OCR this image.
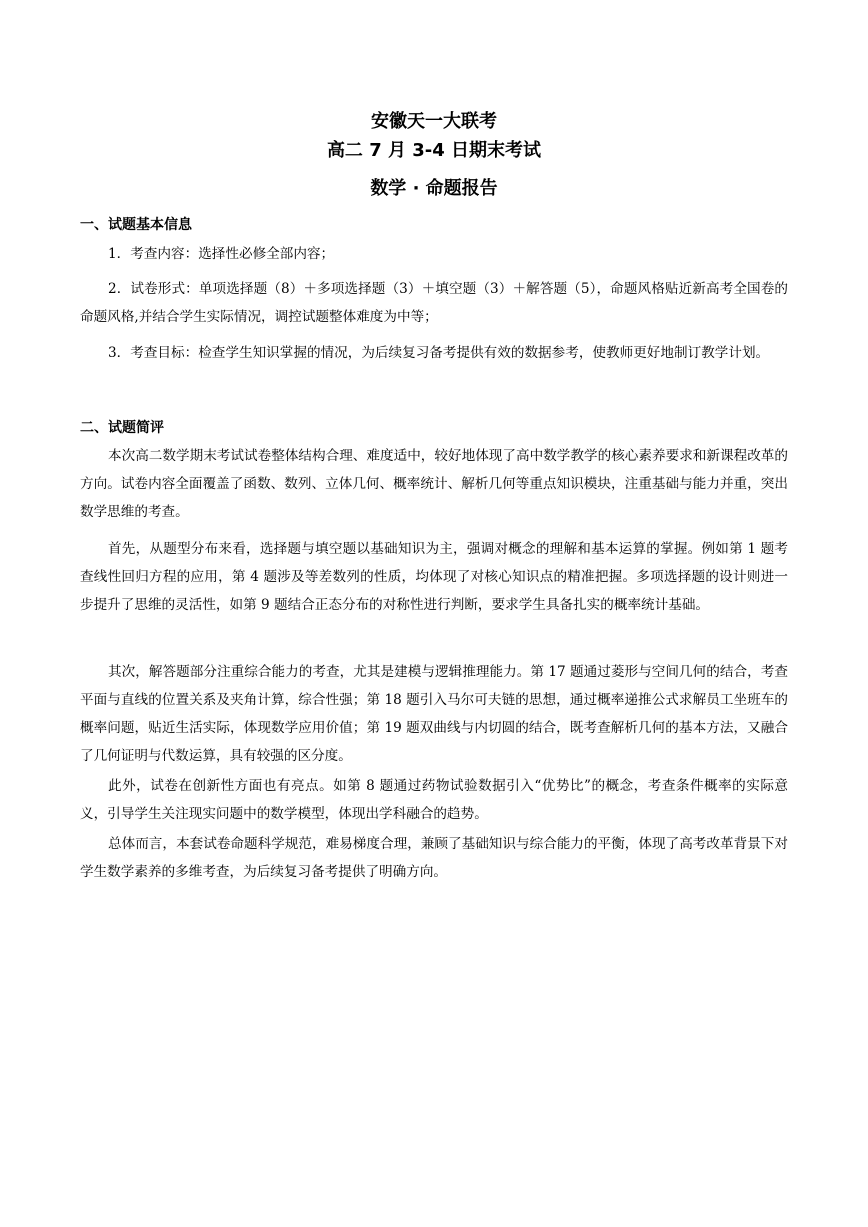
安徽天一大联考
高二 7 月 3-4 日期末考试
数学 · 命题报告
一、试题基本信息

1．考查内容：选择性必修全部内容；

2．试卷形式：单项选择题（8）＋多项选择题（3）＋填空题（3）＋解答题（5），命题风格贴近新高考全国卷的命题风格,并结合学生实际情况，调控试题整体难度为中等；

3．考查目标：检查学生知识掌握的情况，为后续复习备考提供有效的数据参考，使教师更好地制订教学计划。

二、试题简评

本次高二数学期末考试试卷整体结构合理、难度适中，较好地体现了高中数学教学的核心素养要求和新课程改革的方向。试卷内容全面覆盖了函数、数列、立体几何、概率统计、解析几何等重点知识模块，注重基础与能力并重，突出数学思维的考查。

首先，从题型分布来看，选择题与填空题以基础知识为主，强调对概念的理解和基本运算的掌握。例如第 1 题考查线性回归方程的应用，第 4 题涉及等差数列的性质，均体现了对核心知识点的精准把握。多项选择题的设计则进一步提升了思维的灵活性，如第 9 题结合正态分布的对称性进行判断，要求学生具备扎实的概率统计基础。

其次，解答题部分注重综合能力的考查，尤其是建模与逻辑推理能力。第 17 题通过菱形与空间几何的结合，考查平面与直线的位置关系及夹角计算，综合性强；第 18 题引入马尔可夫链的思想，通过概率递推公式求解员工坐班车的概率问题，贴近生活实际，体现数学应用价值；第 19 题双曲线与内切圆的结合，既考查解析几何的基本方法，又融合了几何证明与代数运算，具有较强的区分度。

此外，试卷在创新性方面也有亮点。如第 8 题通过药物试验数据引入“优势比”的概念，考查条件概率的实际意义，引导学生关注现实问题中的数学模型，体现出学科融合的趋势。

总体而言，本套试卷命题科学规范，难易梯度合理，兼顾了基础知识与综合能力的平衡，体现了高考改革背景下对学生数学素养的多维考查，为后续复习备考提供了明确方向。
